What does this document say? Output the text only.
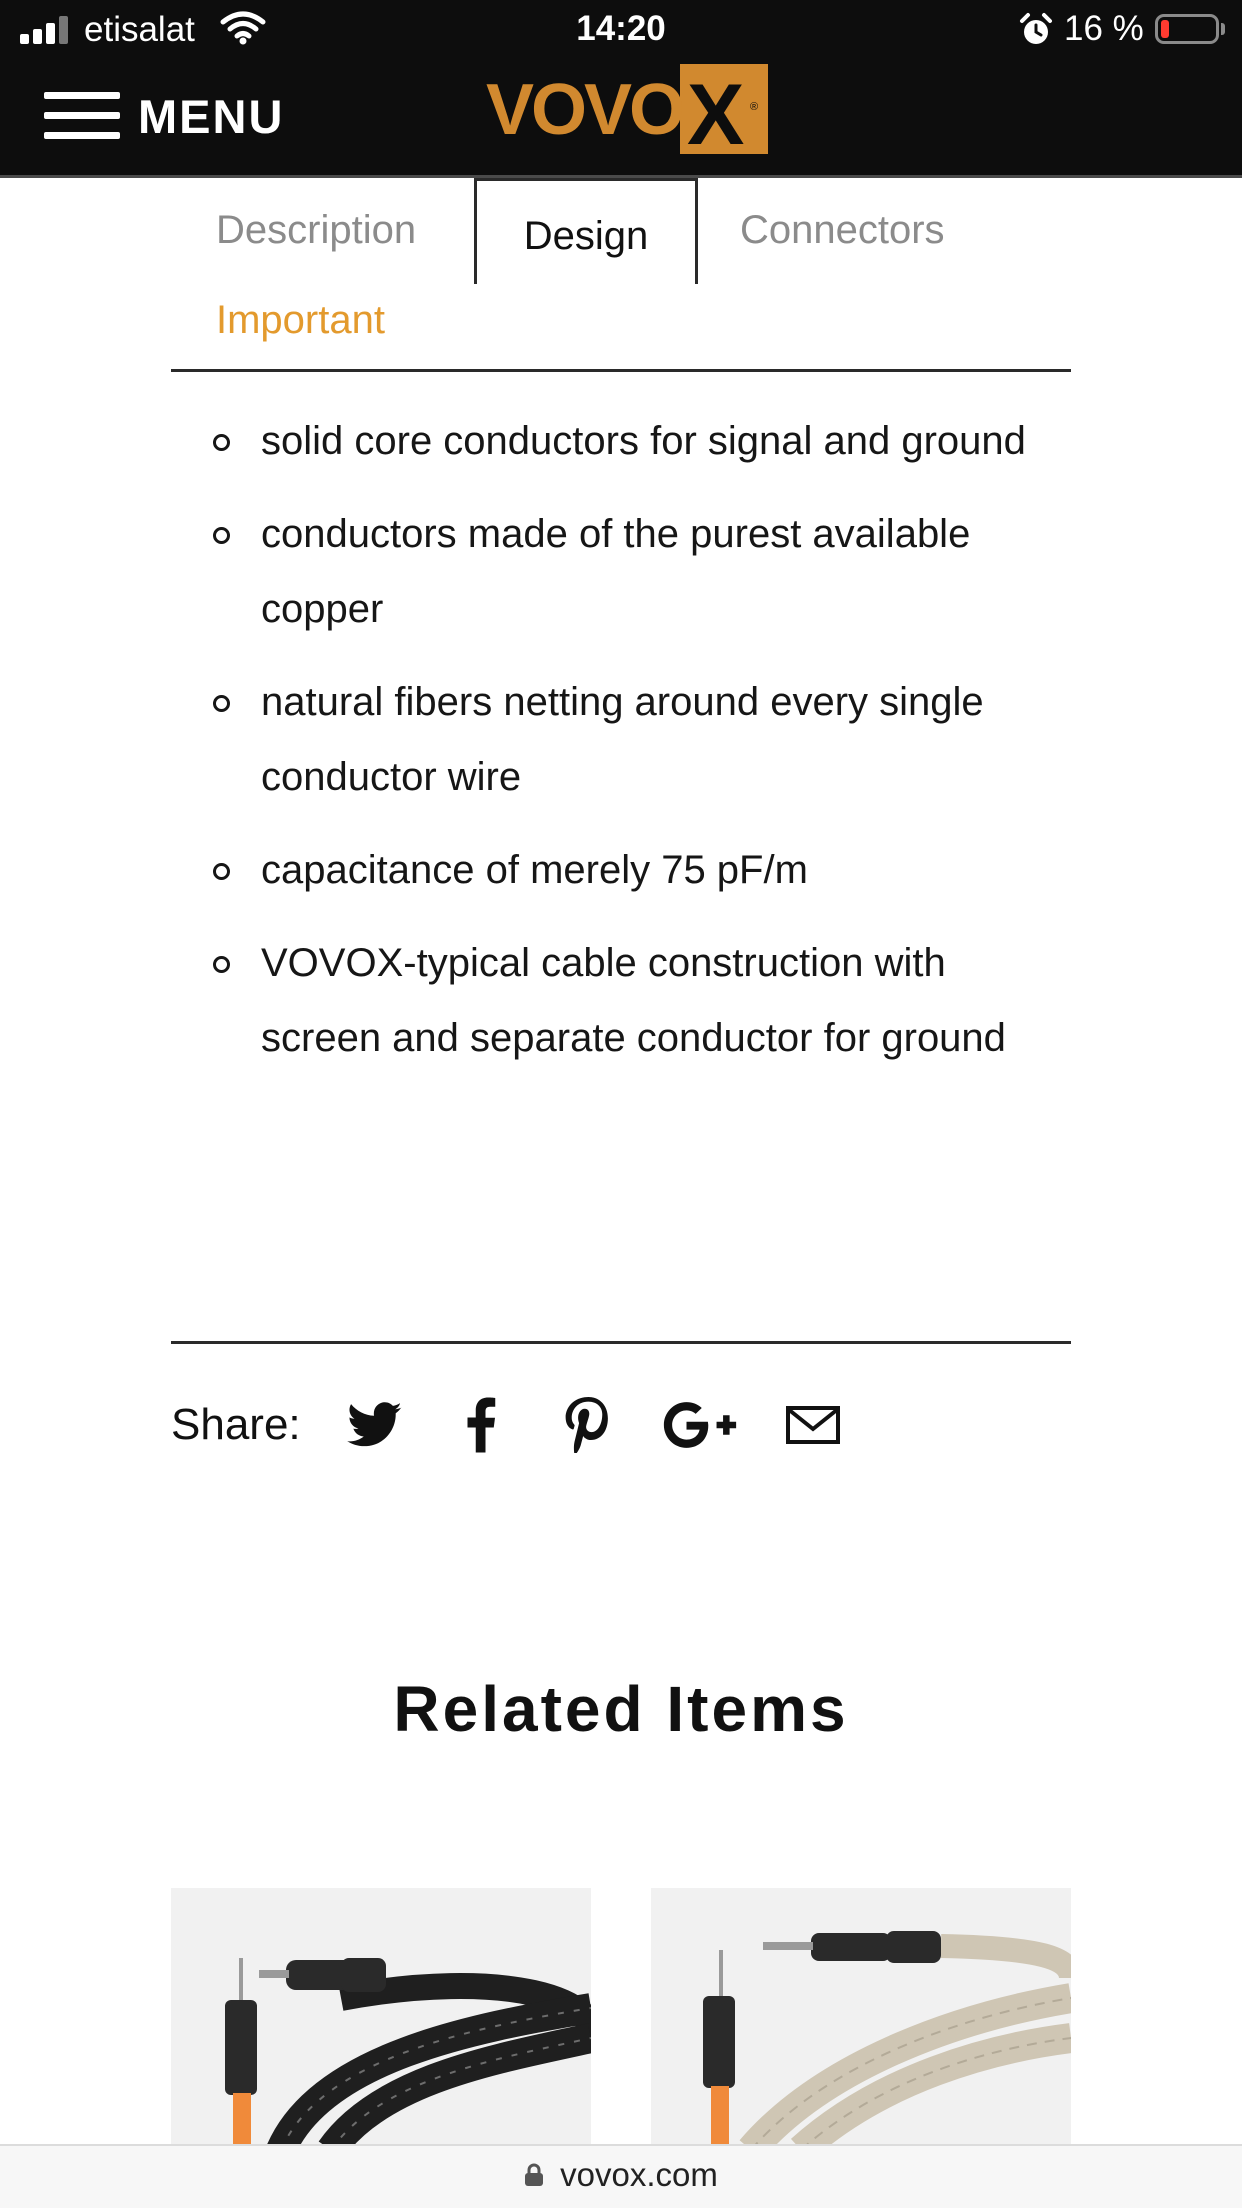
etisalat	14:20	16 %
MENU	VOVO X ®
Description	Design	Connectors
Important
solid core conductors for signal and ground
conductors made of the purest available copper
natural fibers netting around every single conductor wire
capacitance of merely 75 pF/m
VOVOX-typical cable construction with screen and separate conductor for ground
Share:
Related Items
vovox.com
